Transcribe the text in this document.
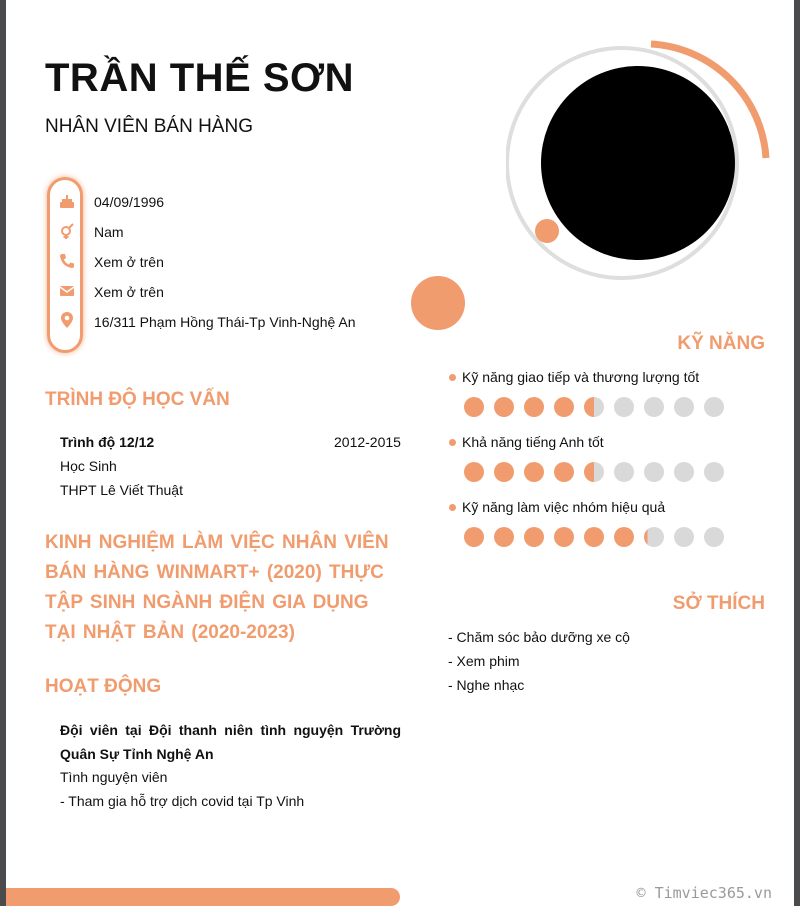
TRẦN THẾ SƠN
NHÂN VIÊN BÁN HÀNG
04/09/1996
Nam
Xem ở trên
Xem ở trên
16/311 Phạm Hồng Thái-Tp Vinh-Nghệ An
TRÌNH ĐỘ HỌC VẤN
Trình độ 12/12	2012-2015
Học Sinh
THPT Lê Viết Thuật
KINH NGHIỆM LÀM VIỆC NHÂN VIÊN BÁN HÀNG WINMART+ (2020) THỰC TẬP SINH NGÀNH ĐIỆN GIA DỤNG TẠI NHẬT BẢN (2020-2023)
HOẠT ĐỘNG
Đội viên tại Đội thanh niên tình nguyện Trường Quân Sự Tỉnh Nghệ An
Tình nguyện viên
- Tham gia hỗ trợ dịch covid tại Tp Vinh
KỸ NĂNG
Kỹ năng giao tiếp và thương lượng tốt
Khả năng tiếng Anh tốt
Kỹ năng làm việc nhóm hiệu quả
SỞ THÍCH
- Chăm sóc bảo dưỡng xe cộ
- Xem phim
- Nghe nhạc
© Timviec365.vn
